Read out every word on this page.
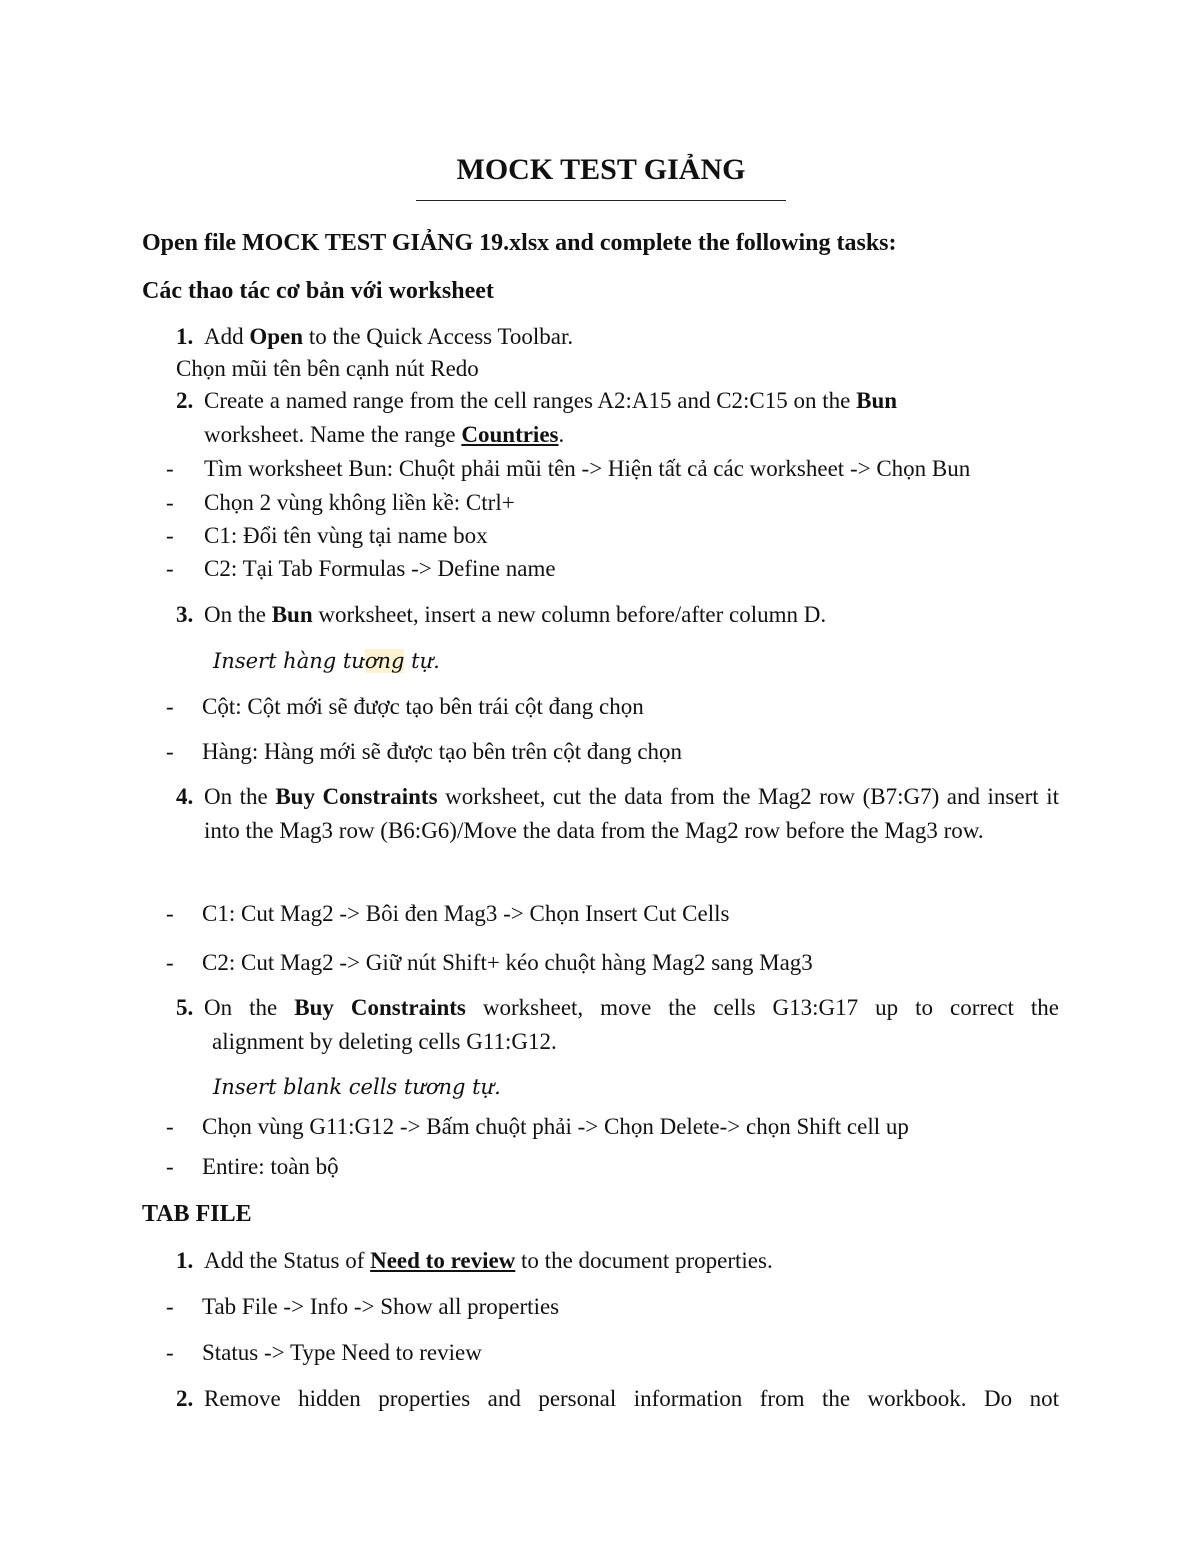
MOCK TEST GIẢNG
Open file MOCK TEST GIẢNG 19.xlsx and complete the following tasks:
Các thao tác cơ bản với worksheet
1. Add Open to the Quick Access Toolbar.
Chọn mũi tên bên cạnh nút Redo
2. Create a named range from the cell ranges A2:A15 and C2:C15 on the Bun
worksheet. Name the range Countries.
- Tìm worksheet Bun: Chuột phải mũi tên -> Hiện tất cả các worksheet -> Chọn Bun
- Chọn 2 vùng không liền kề: Ctrl+
- C1: Đổi tên vùng tại name box
- C2: Tại Tab Formulas -> Define name
3. On the Bun worksheet, insert a new column before/after column D.
Insert hàng tương tự.
- Cột: Cột mới sẽ được tạo bên trái cột đang chọn
- Hàng: Hàng mới sẽ được tạo bên trên cột đang chọn
4. On the Buy Constraints worksheet, cut the data from the Mag2 row (B7:G7) and insert it into the Mag3 row (B6:G6)/Move the data from the Mag2 row before the Mag3 row.
- C1: Cut Mag2 -> Bôi đen Mag3 -> Chọn Insert Cut Cells
- C2: Cut Mag2 -> Giữ nút Shift+ kéo chuột hàng Mag2 sang Mag3
5. On the Buy Constraints worksheet, move the cells G13:G17 up to correct the
alignment by deleting cells G11:G12.
Insert blank cells tương tự.
- Chọn vùng G11:G12 -> Bấm chuột phải -> Chọn Delete-> chọn Shift cell up
- Entire: toàn bộ
TAB FILE
1. Add the Status of Need to review to the document properties.
- Tab File -> Info -> Show all properties
- Status -> Type Need to review
2. Remove hidden properties and personal information from the workbook. Do not
